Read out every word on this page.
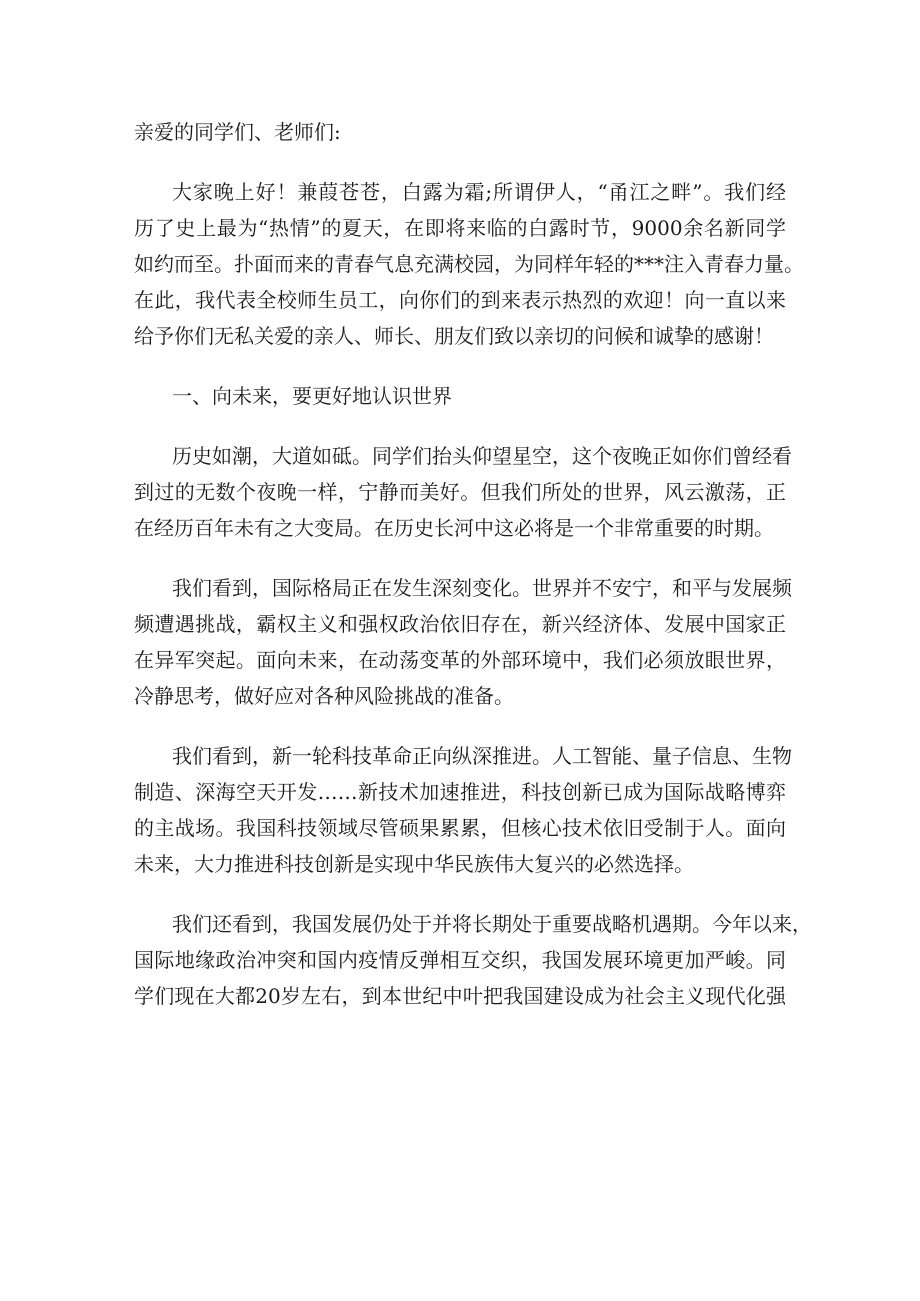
亲爱的同学们、老师们:
大家晚上好！兼葭苍苍，白露为霜;所谓伊人，“甬江之畔”。我们经
历了史上最为“热情”的夏天，在即将来临的白露时节，9000余名新同学
如约而至。扑面而来的青春气息充满校园，为同样年轻的***注入青春力量。
在此，我代表全校师生员工，向你们的到来表示热烈的欢迎！向一直以来
给予你们无私关爱的亲人、师长、朋友们致以亲切的问候和诚挚的感谢！
一、向未来，要更好地认识世界
历史如潮，大道如砥。同学们抬头仰望星空，这个夜晚正如你们曾经看
到过的无数个夜晚一样，宁静而美好。但我们所处的世界，风云激荡，正
在经历百年未有之大变局。在历史长河中这必将是一个非常重要的时期。
我们看到，国际格局正在发生深刻变化。世界并不安宁，和平与发展频
频遭遇挑战，霸权主义和强权政治依旧存在，新兴经济体、发展中国家正
在异军突起。面向未来，在动荡变革的外部环境中，我们必须放眼世界，
冷静思考，做好应对各种风险挑战的准备。
我们看到，新一轮科技革命正向纵深推进。人工智能、量子信息、生物
制造、深海空天开发……新技术加速推进，科技创新已成为国际战略博弈
的主战场。我国科技领域尽管硕果累累，但核心技术依旧受制于人。面向
未来，大力推进科技创新是实现中华民族伟大复兴的必然选择。
我们还看到，我国发展仍处于并将长期处于重要战略机遇期。今年以来，
国际地缘政治冲突和国内疫情反弹相互交织，我国发展环境更加严峻。同
学们现在大都20岁左右，到本世纪中叶把我国建设成为社会主义现代化强
